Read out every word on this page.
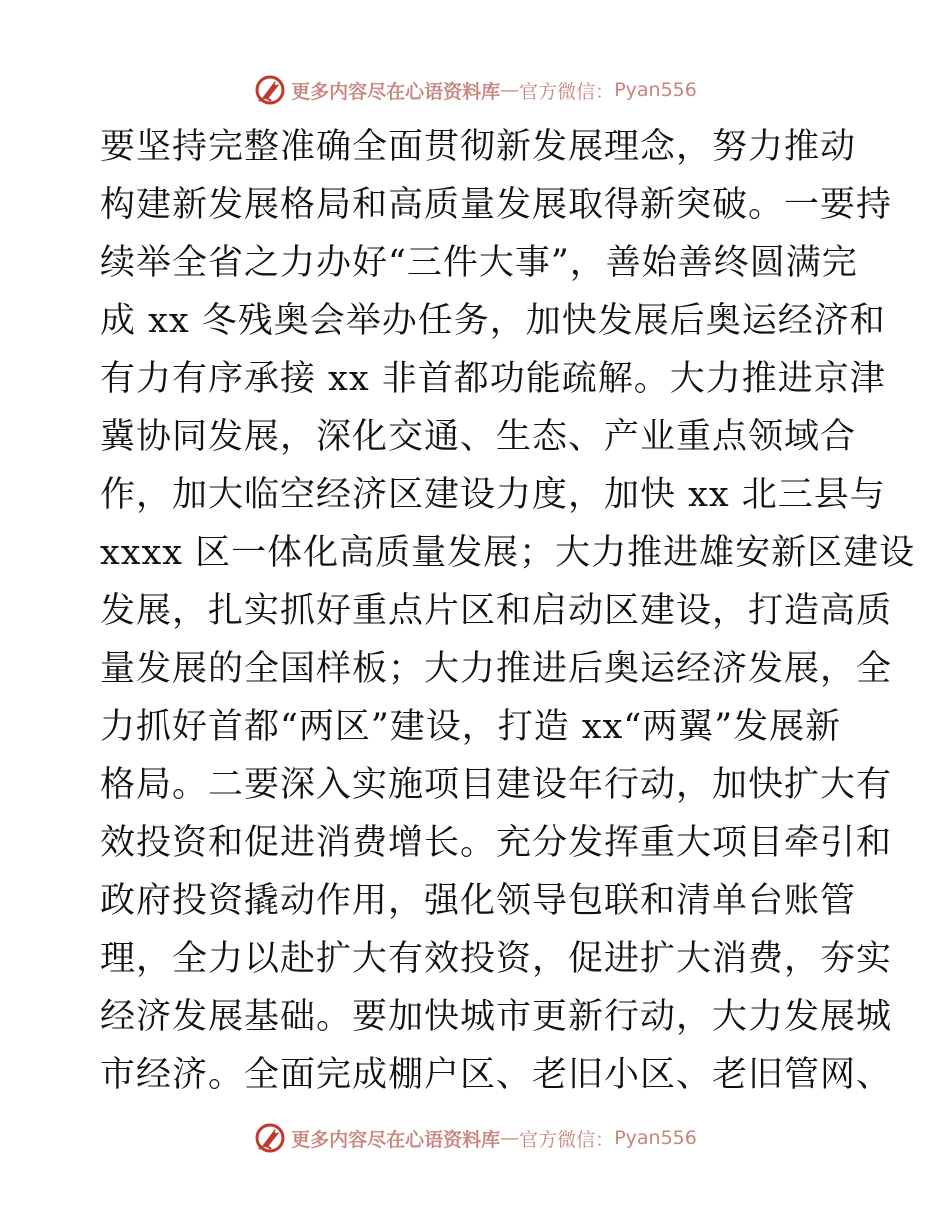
更多内容尽在心语资料库 — 官方微信： Pyan556
要坚持完整准确全面贯彻新发展理念，努力推动
构建新发展格局和高质量发展取得新突破。一要持
续举全省之力办好“三件大事”，善始善终圆满完
成 xx 冬残奥会举办任务，加快发展后奥运经济和
有力有序承接 xx 非首都功能疏解。大力推进京津
冀协同发展，深化交通、生态、产业重点领域合
作，加大临空经济区建设力度，加快 xx 北三县与
xxxx 区一体化高质量发展；大力推进雄安新区建设
发展，扎实抓好重点片区和启动区建设，打造高质
量发展的全国样板；大力推进后奥运经济发展，全
力抓好首都“两区”建设，打造 xx“两翼”发展新
格局。二要深入实施项目建设年行动，加快扩大有
效投资和促进消费增长。充分发挥重大项目牵引和
政府投资撬动作用，强化领导包联和清单台账管
理，全力以赴扩大有效投资，促进扩大消费，夯实
经济发展基础。要加快城市更新行动，大力发展城
市经济。全面完成棚户区、老旧小区、老旧管网、
更多内容尽在心语资料库 — 官方微信： Pyan556
